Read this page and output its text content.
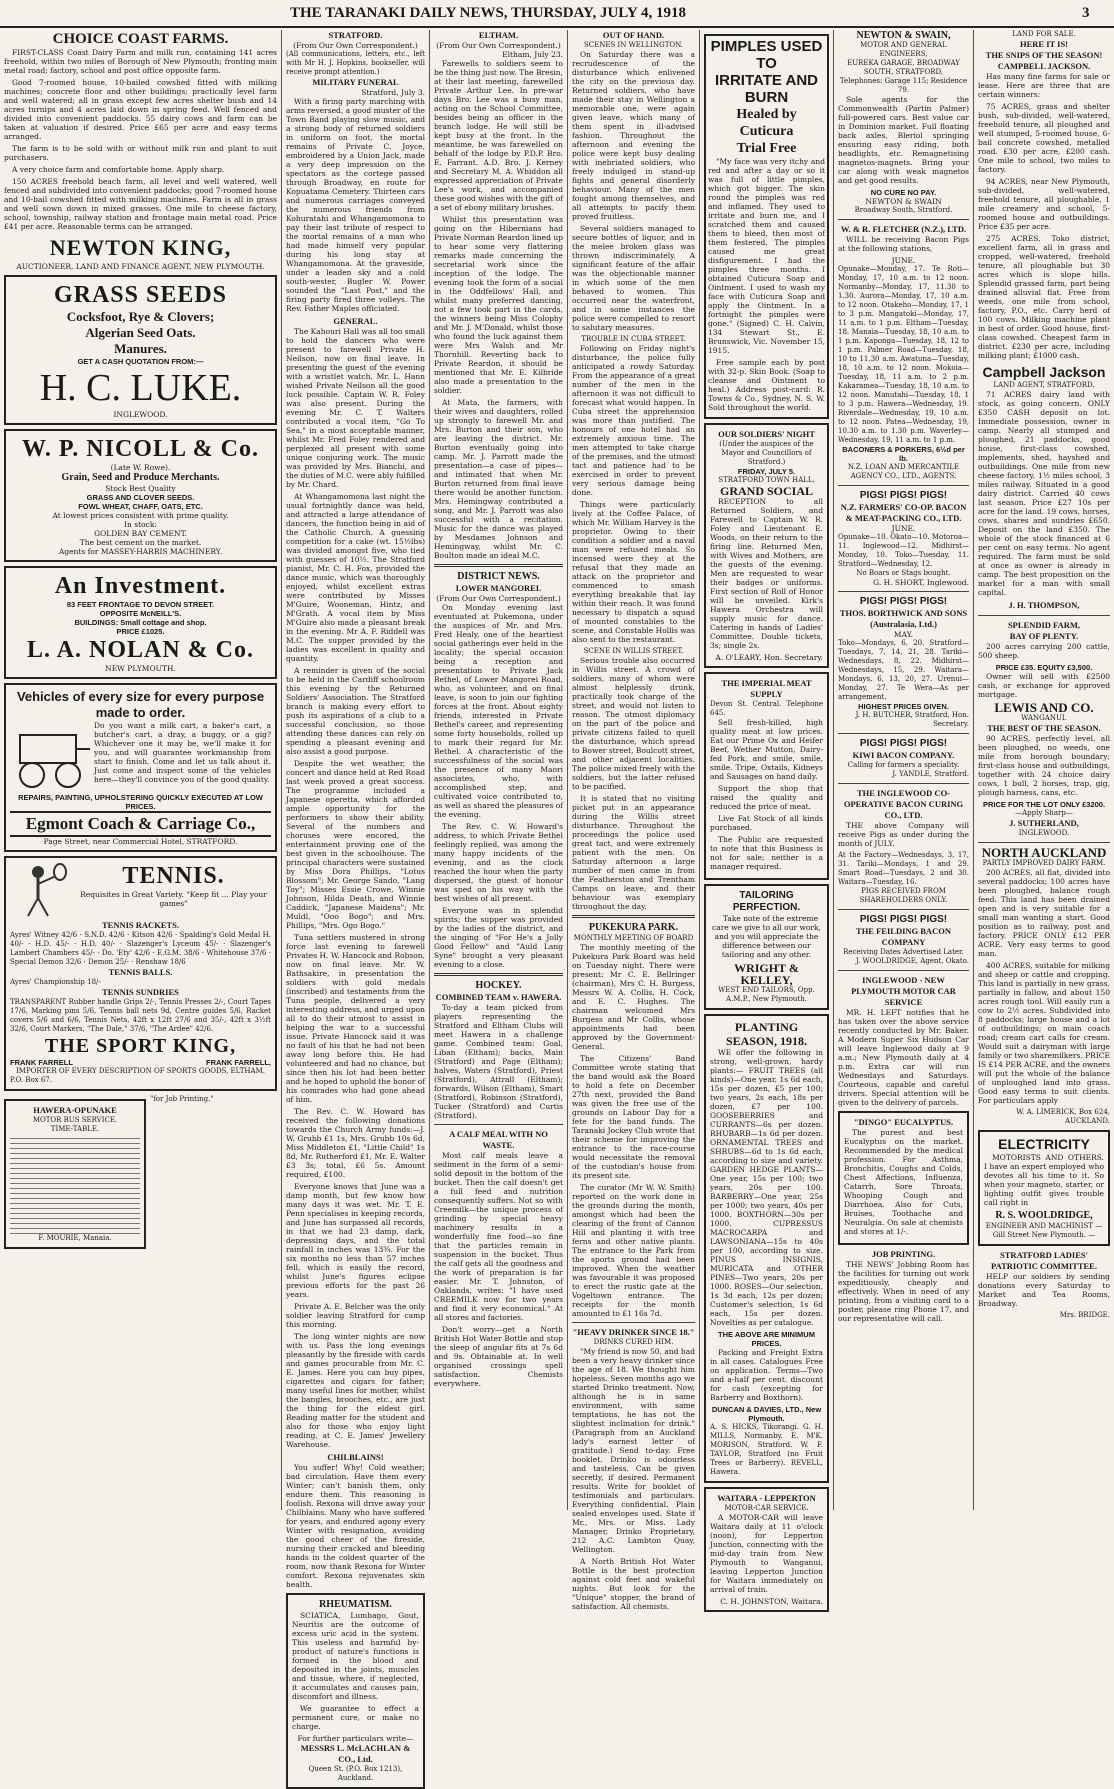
THE TARANAKI DAILY NEWS, THURSDAY, JULY 4, 1918	3
CHOICE COAST FARMS.

FIRST-CLASS Coast Dairy Farm and milk run, containing 141 acres freehold, within two miles of Borough of New Plymouth; fronting main metal road; factory, school and post office opposite farm.

Good 7-roomed house, 10-bailed cowshed fitted with milking machines; concrete floor and other buildings; practically level farm and well watered; all in grass except few acres shelter bush and 14 acres turnips and 4 acres laid down in spring feed. Well fenced and divided into convenient paddocks. 55 dairy cows and farm can be taken at valuation if desired. Price £65 per acre and easy terms arranged.

The farm is to be sold with or without milk run and plant to suit purchasers.

A very choice farm and comfortable home. Apply sharp.

150 ACRES freehold beach farm, all level and well watered, well fenced and subdivided into convenient paddocks; good 7-roomed house and 10-bail cowshed fitted with milking machines. Farm is all in grass and well sown down in mixed grasses. One mile to cheese factory, school, township, railway station and frontage main metal road. Price £41 per acre. Reasonable terms can be arranged.

NEWTON KING,
AUCTIONEER, LAND AND FINANCE AGENT, NEW PLYMOUTH.
GRASS SEEDS
Cocksfoot, Rye & Clovers;
Algerian Seed Oats.
Manures.
GET A CASH QUOTATION FROM:—
H. C. LUKE.
INGLEWOOD.
W. P. NICOLL & Co.
(Late W. Rowe).
Grain, Seed and Produce Merchants.
Stock Best Quality
GRASS AND CLOVER SEEDS.
FOWL WHEAT, CHAFF, OATS, ETC.
At lowest prices consistent with prime quality.
In stock:
GOLDEN BAY CEMENT.
The best cement on the market.
Agents for MASSEY-HARRIS MACHINERY.
An Investment.
83 FEET FRONTAGE TO DEVON STREET.
OPPOSITE McNEILL'S.
BUILDINGS: Small cottage and shop.
PRICE £1025.
L. A. NOLAN & Co.
NEW PLYMOUTH.
Vehicles of every size for every purpose made to order.
Do you want a milk cart, a baker's cart, a butcher's cart, a dray, a buggy, or a gig? Whichever one it may be, we'll make it for you, and will guarantee workmanship from start to finish. Come and let us talk about it. Just come and inspect some of the vehicles here—they'll convince you of the good quality.
REPAIRS, PAINTING, UPHOLSTERING QUICKLY EXECUTED AT LOW PRICES.
Egmont Coach & Carriage Co.,
Page Street, near Commercial Hotel, STRATFORD.
TENNIS.
Requisites in Great Variety. "Keep fit ... Play your games"
TENNIS RACKETS.
Ayres' Witney 42/6 · S.N.D. 42/6 · Kitson 42/6 · Spalding's Gold Medal H. 40/- · H.D. 45/- · H.D. 40/- · Slazenger's Lyceum 45/- · Slazenger's Lambert Chambers 45/- · Do. 'Ety' 42/6 · E.G.M. 38/6 · Whitehouse 37/6 · Special Demon 32/6 · Demon 25/- · Renshaw 18/6
TENNIS BALLS.
Ayres' Championship 18/-
TENNIS SUNDRIES
TRANSPARENT Rubber handle Grips 2/-, Tennis Presses 2/-, Court Tapes 17/6, Marking pins 5/6, Tennis ball nets 9d, Centre guides 5/6, Racket covers 5/6 and 6/6, Tennis Nets, 42ft x 12ft 27/6 and 35/-, 42ft x 3½ft 32/6, Court Markers, "The Dale," 37/6, "The Ardee" 42/6.
THE SPORT KING,
FRANK FARRELL	FRANK FARRELL,
IMPORTER OF EVERY DESCRIPTION OF SPORTS GOODS, ELTHAM.
P.O. Box 67.
HAWERA-OPUNAKE
MOTOR BUS SERVICE.
TIME-TABLE.
F. MOURIE, Manaia.
"for Job Printing."
STRATFORD.
(From Our Own Correspondent.)
(All communications, letters, etc., left with Mr H. J. Hopkins, bookseller, will receive prompt attention.)
MILITARY FUNERAL
Stratford, July 3.

With a firing party marching with arms reversed, a good muster of the Town Band playing slow music, and a strong body of returned soldiers in uniform on foot, the mortal remains of Private C. Joyce, embroidered by a Union Jack, made a very deep impression on the spectators as the cortege passed through Broadway, en route for Kopuatama Cemetery. Thirteen cars and numerous carriages conveyed the numerous friends from Kohuratahi and Whangamomona to pay their last tribute of respect to the mortal remains of a man who had made himself very popular during his long stay at Whangamomona. At the graveside, under a leaden sky and a cold south-wester, Bugler W. Power sounded the "Last Post," and the firing party fired three volleys. The Rev. Father Maples officiated.

GENERAL.

The Kahouri Hall was all too small to hold the dancers who were present to farewell Private H. Neilson, now on final leave. In presenting the guest of the evening with a wristlet watch, Mr. L. Hann wished Private Neilson all the good luck possible. Captain W. R. Foley was also present. During the evening Mr. C. T. Walters contributed a vocal item, "Go To Sea," in a most acceptable manner, whilst Mr. Fred Foley rendered and perplexed all present with some unique conjuring work. The music was provided by Mrs. Bianchi, and the duties of M.C. were ably fulfilled by Mr. Chard.

At Whangamomona last night the usual fortnightly dance was held, and attracted a large attendance of dancers, the function being in aid of the Catholic Church. A guessing competition for a cake (wt. 15½lbs) was divided amongst five, who tied with guesses of 10½. The Stratford pianist, Mr. C. H. Fox, provided the dance music, which was thoroughly enjoyed, whilst excellent extras were contributed by Misses M'Guire, Wooneman, Hintz, and M'Grath. A vocal item by Miss M'Guire also made a pleasant break in the evening. Mr A. F. Riddell was M.C. The supper provided by the ladies was excellent in quality and quantity.

A reminder is given of the social to be held in the Cardiff schoolroom this evening by the Returned Soldiers' Association. The Stratford branch is making every effort to push its aspirations of a club to a successful conclusion, so those attending these dances can rely on spending a pleasant evening and also assist a good purpose.

Despite the wet weather, the concert and dance held at Red Road last week proved a great success. The programme included a Japanese operetta, which afforded ample opportunity for the performers to show their ability. Several of the numbers and choruses were encored, the entertainment proving one of the best given in the schoolhouse. The principal characters were sustained by Miss Dora Phillips, "Lotus Blossom"; Mr. George Sando, "Lang Toy"; Misses Essie Crowe, Winnie Johnson, Hilda Death, and Winnie Caddick, "Japanese Maidens"; Mr. Muldl, "Ooo Bogo"; and Mrs. Phillips, "Mrs. Ogo Bogo."

Tuna settlers mustered in strong force last evening to farewell Privates H. W. Hancock and Robson, now on final leave. Mr. W. Bathsakire, in presentation the soldiers with gold medals (inscribed) and testaments from the Tuna people, delivered a very interesting address, and urged upon all to do their utmost to assist in helping the war to a successful issue. Private Hancock said it was no fault of his that he had not been away long before this. He had volunteered and had no chance, but since then his lot had been better and he hoped to uphold the honor of his comrades who had gone ahead of him.

The Rev. C. W. Howard has received the following donations towards the Church Army funds:—J. W. Grubb £1 1s, Mrs. Grubb 10s 6d, Miss Middleton £1, "Little Child" 1s 8d, Mr. Rutherford £1, Mr. E. Walter £3 3s; total, £6 5s. Amount required, £100.

Everyone knows that June was a damp month, but few know how many days it was wet. Mr. T. E. Penn specialises in keeping records, and June has surpassed all records, in that we had 23 damp, dark, depressing days, and the total rainfall in inches was 13¾. For the six months no less than 57 inches fell, which is easily the record, whilst June's figures eclipse previous efforts for the past 26 years.

Private A. E. Belcher was the only soldier leaving Stratford for camp this morning.

The long winter nights are now with us. Pass the long evenings pleasantly by the fireside with cards and games procurable from Mr. C. E. James. Here you can buy pipes, cigarettes and cigars for father; many useful lines for mother, whilst the bangles, brooches, etc., are just the thing for the eldest girl. Reading matter for the student and also for those who enjoy light reading, at C. E. James' Jewellery Warehouse.

CHILBLAINS!

You suffer! Why! Cold weather; bad circulation. Have them every Winter; can't banish them, only endure them. This reasoning is foolish. Rexona will drive away your Chilblains. Many who have suffered for years, and endured agony every Winter with resignation, avoiding the good cheer of the fireside, nursing their cracked and bleeding hands in the coldest quarter of the room, now thank Rexona for Winter comfort. Rexona rejuvenates skin health.

RHEUMATISM.

SCIATICA, Lumbago, Gout, Neuritis are the outcome of excess uric acid in the system. This useless and harmful by-product of nature's functions is formed in the blood and deposited in the joints, muscles and tissue, where, if neglected, it accumulates and causes pain, discomfort and illness.

We guarantee to effect a permanent cure, or make no charge.

For further particulars write—
MESSRS L. McLACHLAN & CO., Ltd.
Queen St. (P.O. Box 1213), Auckland.
ELTHAM.
(From Our Own Correspondent.)
Eltham, July 23.

Farewells to soldiers seem to be the thing just now. The Bresin, at their last meeting, farewelled Private Arthur Lee. In pre-war days Bro. Lee was a busy man, acting on the School Committee, besides being an officer in the branch lodge. He will still be kept busy at the front. In the meantime, he was farewelled on behalf of the lodge by P.D.P. Bro. E. Farrant. A.D. Bro. J. Kerney and Secretary M. A. Whiddon all expressed appreciation of Private Lee's work, and accompanied these good wishes with the gift of a set of ebony military brushes.

Whilst this presentation was going on the Hibernians had Private Norman Reardon lined up to hear some very flattering remarks made concerning the secretarial work since the inception of the lodge. The evening took the form of a social in the Oddfellows' Hall, and whilst many preferred dancing, not a few took part in the cards, the winners being Miss Colophy and Mr. J. M'Donald, whilst those who found the luck against them were Mrs Walsh and Mr Thornhill. Reverting back to Private Reardon, it should be mentioned that Mr. E. Kilbride also made a presentation to the soldier.

At Mata, the farmers, with their wives and daughters, rolled up strongly to farewell Mr. and Mrs. Burton and their son, who are leaving the district. Mr. Burton eventually going into camp. Mr. J. Parrott made the presentation—a case of pipes—and intimated that when Mr. Burton returned from final leave there would be another function. Mrs. Hemingway contributed a song, and Mr. J. Parrott was also successful with a recitation. Music for the dance was played by Mesdames Johnson and Hemingway, whilst Mr. C. Boulton made an ideal M.C.

DISTRICT NEWS.
LOWER MANGOREI.
(From Our Own Correspondent.)

On Monday evening last eventuated at Pukemona, under the auspices of Mr. and Mrs. Fred Healy, one of the heartiest social gatherings ever held in the locality; the special occasion being a reception and presentation to Private Jack Bethel, of Lower Mangorei Road, who, as volunteer, and on final leave, is soon to join our fighting forces at the front. About eighty friends, interested in Private Bethel's career, and representing some forty households, rolled up to mark their regard for Mr. Bethel. A characteristic of the successfulness of the social was the presence of many Maori associates, who, with accomplished step, and cultivated voice contributed to, as well as shared the pleasures of the evening.

The Rev. C. W. Howard's address, to which Private Bethel feelingly replied, was among the many happy incidents of the evening, and as the clock reached the hour when the party dispersed, the guest of honour was sped on his way with the best wishes of all present.

Everyone was in splendid spirits; the supper was provided by the ladies of the district, and the singing of "For He's a Jolly Good Fellow" and "Auld Lang Syne" brought a very pleasant evening to a close.

HOCKEY.
COMBINED TEAM v. HAWERA.

To-day a team picked from players representing the Stratford and Eltham Clubs will meet Hawera in a challenge game. Combined team: Goal, Liban (Eltham); backs, Main (Stratford) and Page (Eltham); halves, Waters (Stratford), Priest (Stratford), Attrall (Eltham); forwards, Wilson (Eltham), Smart (Stratford), Robinson (Stratford), Tucker (Stratford) and Curtis (Stratford).

A CALF MEAL WITH NO WASTE.

Most calf meals leave a sediment in the form of a semi-solid deposit in the bottom of the bucket. Then the calf doesn't get a full feed and nutrition consequently suffers. Not so with Creemilk—the unique process of grinding by special heavy machinery results in a wonderfully fine food—so fine that the particles remain in suspension in the bucket. Thus the calf gets all the goodness and the work of preparation is far easier. Mr. T. Johnston, of Oaklands, writes: "I have used CREEMILK now for two years and find it very economical." At all stores and factories.

Don't worry—get a North British Hot Water Bottle and stop the sleep of angular fits at 7s 6d and 9s. Obtainable at. In well organised crossings spell satisfaction. Chemists everywhere.

OUT OF HAND.
SCENES IN WELLINGTON.

On Saturday there was a recrudescence of the disturbance which enlivened the city on the previous day. Returned soldiers, who have made their stay in Wellington a memorable one, were again given leave, which many of them spent in ill-advised fashion. Throughout the afternoon and evening the police were kept busy dealing with inebriated soldiers, who freely indulged in stand-up fights and general disorderly behaviour. Many of the men fought among themselves, and all attempts to pacify them proved fruitless.

Several soldiers managed to secure bottles of liquor, and in the melee broken glass was thrown indiscriminately. A significant feature of the affair was the objectionable manner in which some of the men behaved to women. This occurred near the waterfront, and in some instances the police were compelled to resort to salutary measures.

TROUBLE IN CUBA STREET.

Following on Friday night's disturbance, the police fully anticipated a rowdy Saturday. From the appearance of a great number of the men in the afternoon it was not difficult to forecast what would happen. In Cuba street the apprehension was more than justified. The honours of one hotel had an extremely anxious time. The men attempted to take charge of the premises, and the utmost tact and patience had to be exercised in order to prevent very serious damage being done.

Things were particularly lively at the Coffee Palace, of which Mr. William Harvey is the proprietor. Owing to their condition a soldier and a naval man were refused meals. So incensed were they at the refusal that they made an attack on the proprietor and commenced to smash everything breakable that lay within their reach. It was found necessary to dispatch a squad of mounted constables to the scene, and Constable Hollis was also sent to the restaurant.

SCENE IN WILLIS STREET.

Serious trouble also occurred in Willis street. A crowd of soldiers, many of whom were almost helplessly drunk, practically took charge of the street, and would not listen to reason. The utmost diplomacy on the part of the police and private citizens failed to quell the disturbance, which spread to Bower street, Boulcott street, and other adjacent localities. The police mixed freely with the soldiers, but the latter refused to be pacified.

It is stated that no visiting picket put in an appearance during the Willis street disturbance. Throughout the proceedings the police used great tact, and were extremely patient with the men. On Saturday afternoon a large number of men came in from the Featherston and Trentham Camps on leave, and their behaviour was exemplary throughout the day.

PUKEKURA PARK.
MONTHLY MEETING OF BOARD

The monthly meeting of the Pukekura Park Board was held on Tuesday night. There were present: Mr C. E. Bellringer (chairman), Mrs C. H. Burgess, Messrs W. A. Collis, H. Cock, and E. C. Hughes. The chairman welcomed Mrs Burgess and Mr Collis, whose appointments had been approved by the Government-General.

The Citizens' Band Committee wrote stating that the band would ask the Board to hold a fete on December 27th next, provided the Band was given the free use of the grounds on Labour Day for a fete for the band funds. The Taranaki Jockey Club wrote that their scheme for improving the entrance to the race-course would necessitate the removal of the custodian's house from its present site.

The curator (Mr W. W. Smith) reported on the work done in the grounds during the month, amongst which had been the clearing of the front of Cannon Hill and planting it with tree ferns and other native plants. The entrance to the Park from the sports ground had been improved. When the weather was favourable it was proposed to erect the rustic gate at the Vogeltown entrance. The receipts for the month amounted to £1 16s 7d.

"HEAVY DRINKER SINCE 18."
DRINKS CURED HIM.

"My friend is now 50, and had been a very heavy drinker since the age of 18. We thought him hopeless. Seven months ago we started Drinko treatment. Now, although he is in same environment, with same temptations, he has not the slightest inclination for drink." (Paragraph from an Auckland lady's earnest letter of gratitude.) Send to-day. Free booklet. Drinko is odourless and tasteless. Can be given secretly, if desired. Permanent results. Write for booklet of testimonials and particulars. Everything confidential. Plain sealed envelopes used. State if Mr., Mrs. or Miss. Lady Manager, Drinko Proprietary, 212 A.C. Lambton Quay, Wellington.

A North British Hot Water Bottle is the best protection against cold feet and wakeful nights. But look for the "Unique" stopper, the brand of satisfaction. All chemists.

PIMPLES USED TO
IRRITATE AND BURN
Healed by Cuticura
Trial Free

"My face was very itchy and red and after a day or so it was full of little pimples, which got bigger. The skin round the pimples was red and inflamed. They used to irritate and burn me, and I scratched them and caused them to bleed, then most of them festered. The pimples caused me great disfigurement. I had the pimples three months. I obtained Cuticura Soap and Ointment. I used to wash my face with Cuticura Soap and apply the Ointment. In a fortnight the pimples were gone." (Signed) C. H. Calvin, 134 Stewart St., E. Brunswick, Vic. November 15, 1915.

Free sample each by post with 32-p. Skin Book. (Soap to cleanse and Ointment to heal.) Address post-card: R. Towns & Co., Sydney, N. S. W. Sold throughout the world.

OUR SOLDIERS' NIGHT
(Under the auspices of the Mayor and Councillors of Stratford.)
FRIDAY, JULY 5.
STRATFORD TOWN HALL.
GRAND SOCIAL

RECEPTION to all Returned Soldiers, and Farewell to Captain W. R. Foley and Lieutenant E. Woods, on their return to the firing line. Returned Men, with Wives and Mothers, are the guests of the evening. Men are requested to wear their badges or uniforms. First section of Roll of Honor will be unveiled. Kirk's Hawera Orchestra will supply music for dance. Catering in hands of Ladies' Committee. Double tickets, 3s; single 2s.

A. O'LEARY, Hon. Secretary.
THE IMPERIAL MEAT SUPPLY
Devon St. Central. Telephone 645.

Sell fresh-killed, high quality meat at low prices. Eat our Prime Ox and Heifer Beef, Wether Mutton, Dairy-fed Pork, and smile, smile, smile. Tripe, Oxtails, Kidneys and Sausages on hand daily.

Support the shop that raised the quality and reduced the price of meat.

Live Fat Stock of all kinds purchased.

The Public are requested to note that this Business is not for sale; neither is a manager required.

TAILORING PERFECTION.

Take note of the extreme care we give to all our work, and you will appreciate the difference between our tailoring and any other.

WRIGHT & KELLEY,
WEST END TAILORS, Opp. A.M.P., New Plymouth.
PLANTING SEASON, 1918.

WE offer the following in strong, well-grown, hardy plants:— FRUIT TREES (all kinds)—One year, 1s 6d each, 15s per dozen, £5 per 100; two years, 2s each, 18s per dozen, £7 per 100. GOOSEBERRIES and CURRANTS—6s per dozen. RHUBARB—1s 6d per dozen. ORNAMENTAL TREES and SHRUBS—6d to 1s 6d each, according to size and variety. GARDEN HEDGE PLANTS—One year, 15s per 100; two years, 20s per 100. BARBERRY—One year, 25s per 1000; two years, 40s per 1000. BOXTHORN—30s per 1000. CUPRESSUS MACROCARPA and LAWSONIANA—15s to 40s per 100, according to size. PINUS INSIGNIS, MURICATA and OTHER PINES—Two years, 20s per 1000. ROSES—Our selection, 1s 3d each, 12s per dozen; Customer's selection, 1s 6d each, 15s per dozen. Novelties as per catalogue.

THE ABOVE ARE MINIMUM PRICES.

Packing and Freight Extra in all cases. Catalogues Free on application. Terms—Two and a-half per cent. discount for cash (excepting for Barberry and Boxthorn).

DUNCAN & DAVIES, LTD., New Plymouth.
A. S. HICKS, Tikorangi. G. H. MILLS, Normanby. E. M'K. MORISON, Stratford. W. F. TAYLOR, Stratford (no Fruit Trees or Barberry). REVELL, Hawera.
WAITARA - LEPPERTON
MOTOR-CAR SERVICE.

A MOTOR-CAR will leave Waitara daily at 11 o'clock (noon), for Lepperton Junction, connecting with the mid-day train from New Plymouth to Wanganui, leaving Lepperton Junction for Waitara immediately on arrival of train.

C. H. JOHNSTON, Waitara.
NEWTON & SWAIN,
MOTOR AND GENERAL ENGINEERS,
EUREKA GARAGE, BROADWAY SOUTH, STRATFORD,
Telephones: Garage 115; Residence 79.

Sole agents for the Commonwealth (Partin Palmer) full-powered cars. Best value car in Dominion market. Full floating back axles, Bleriol springing ensuring easy riding, both headlights, etc. Remagnetising magnetos-magnets. Bring your car along with weak magnetos and get good results.

NO CURE NO PAY.
NEWTON & SWAIN
Broadway South, Stratford.
W. & R. FLETCHER (N.Z.), LTD.

WILL be receiving Bacon Pigs at the following stations,

JUNE.
Opunake—Monday, 17. Te Roti—Monday, 17, 10 a.m. to 12 noon. Normanby—Monday, 17, 11.30 to 1.30. Aurora—Monday, 17, 10 a.m. to 12 noon. Otakeho—Monday, 17, 1 to 3 p.m. Mangatoki—Monday, 17, 11 a.m. to 1 p.m. Eltham—Tuesday, 18. Manaia—Tuesday, 18, 10 a.m. to 1 p.m. Kaponga—Tuesday, 18, 12 to 1 p.m. Palmer Road—Tuesday, 18, 10 to 11.30 a.m. Awatuna—Tuesday, 18, 10 a.m. to 12 noon. Mokoia—Tuesday, 18, 11 a.m. to 2 p.m. Kakaramea—Tuesday, 18, 10 a.m. to 12 noon. Manutahi—Tuesday, 18, 1 to 3 p.m. Hawera—Wednesday, 19. Riverdale—Wednesday, 19, 10 a.m. to 12 noon. Patea—Wednesday, 19, 10.30 a.m. to 1.30 p.m. Waverley—Wednesday, 19, 11 a.m. to 1 p.m.
BACONERS & PORKERS, 6½d per lb.
N.Z. LOAN AND MERCANTILE AGENCY CO., LTD., AGENTS.
PIGS! PIGS! PIGS!
N.Z. FARMERS' CO-OP. BACON & MEAT-PACKING CO., LTD.
JUNE.
Opunake—10. Okato—10. Motoroa—11. Inglewood—12. Midhirst—Monday, 10. Toko—Tuesday, 11. Stratford—Wednesday, 12.
No Boars or Stags bought.
G. H. SHORT, Inglewood.
PIGS! PIGS! PIGS!
THOS. BORTHWICK AND SONS (Australasia, Ltd.)
MAY.
Toko—Mondays, 6, 20. Stratford—Tuesdays, 7, 14, 21, 28. Tariki—Wednesdays, 8, 22. Midhirst—Wednesdays, 15, 29. Waitara—Mondays, 6, 13, 20, 27. Urenui—Monday, 27. Te Wera—As per arrangement.
HIGHEST PRICES GIVEN.
J. H. BUTCHER, Stratford, Hon. Secretary.
PIGS! PIGS! PIGS!
KIWI BACON COMPANY.
Calling for farmers a speciality.
J. YANDLE, Stratford.
THE INGLEWOOD CO-OPERATIVE BACON CURING CO., LTD.

THE above Company will receive Pigs as under during the month of JULY.

At the Factory—Wednesdays, 3, 17, 31. Tariki—Mondays, 1 and 29. Smart Road—Tuesdays, 2 and 30. Waitara—Tuesday, 16.
PIGS RECEIVED FROM SHAREHOLDERS ONLY.
PIGS! PIGS! PIGS!
THE FEILDING BACON COMPANY
Receiving Dates Advertised Later.
J. WOOLDRIDGE, Agent, Okato.
INGLEWOOD - NEW PLYMOUTH MOTOR CAR SERVICE

MR. H. LEFT notifies that he has taken over the above service recently conducted by Mr. Baker. A Modern Super Six Hudson Car will leave Inglewood daily at 9 a.m.; New Plymouth daily at 4 p.m. Extra car will run Wednesdays and Saturdays. Courteous, capable and careful drivers. Special attention will be given to the delivery of parcels.

"DINGO" EUCALYPTUS.

The purest and best Eucalyptus on the market. Recommended by the medical profession. For Asthma, Bronchitis, Coughs and Colds, Chest Affections, Influenza, Catarrh, Sore Throats, Whooping Cough and Diarrhoea. Also for Cuts, Bruises, Toothache and Neuralgia. On sale at chemists and stores at 1/-.

JOB PRINTING.

THE NEWS' Jobbing Room has the facilities for turning out work expeditiously, cheaply and effectively. When in need of any printing, from a visiting card to a poster, please ring Phone 17, and our representative will call.

LAND FOR SALE.
HERE IT IS!
THE SNIPS OF THE SEASON!
CAMPBELL JACKSON.

Has many fine farms for sale or lease. Here are three that are certain winners:

75 ACRES, grass and shelter bush, sub-divided, well-watered, freehold tenure, all ploughed and well stumped, 5-roomed house, 6-bail concrete cowshed, metalled road. £30 per acre, £200 cash. One mile to school, two miles to factory.

94 ACRES, near New Plymouth, sub-divided, well-watered, freehold tenure, all ploughable, 1 mile creamery and school, 5-roomed house and outbuildings. Price £35 per acre.

275 ACRES, Toko district, excellent farm, all in grass and cropped, well-watered, freehold tenure, all ploughable but 30 acres which is slope hills. Splendid grassed farm, part being drained alluvial flat. Free from weeds, one mile from school, factory, P.O., etc. Carry herd of 100 cows. Milking machine plant in best of order. Good house, first-class cowshed. Cheapest farm in district. £230 per acre, including milking plant; £1000 cash.

Campbell Jackson
LAND AGENT, STRATFORD.

71 ACRES dairy land with stock, as going concern. ONLY £350 CASH deposit on lot. Immediate possession, owner in camp. Nearly all stumped and ploughed, 21 paddocks, good house, first-class cowshed, implements, shed, hayshed and outbuildings. One mile from new cheese factory, 1½ miles school, 3 miles railway. Situated in a good dairy district. Carried 40 cows last season. Price £27 10s per acre for the land. 19 cows, horses, cows, shares and sundries £650. Deposit on the land £350. The whole of the stock financed at 6 per cent on easy terms. No agent required. The farm must be sold at once as owner is already in camp. The best proposition on the market for a man with small capital.

J. H. THOMPSON,
SPLENDID FARM,
BAY OF PLENTY.

200 acres carrying 200 cattle, 500 sheep.

PRICE £35. EQUITY £3,500.

Owner will sell with £2500 cash, or exchange for approved mortgage.

LEWIS AND CO.
WANGANUI.
THE BEST OF THE SEASON.

90 ACRES, perfectly level, all been ploughed, no weeds, one mile from borough boundary; first-class house and outbuildings, together with 24 choice dairy cows, 1 bull, 2 horses, trap, gig, plough harness, cans, etc.

PRICE FOR THE LOT ONLY £3200.
—Apply Sharp—
J. SUTHERLAND,
INGLEWOOD.
NORTH AUCKLAND
PARTLY IMPROVED DAIRY FARM.

200 ACRES, all flat, divided into several paddocks; 100 acres have been ploughed, balance rough feed. This land has been drained open and is very suitable for a small man wanting a start. Good position as to railway, post and factory. PRICE ONLY £12 PER ACRE. Very easy terms to good man.

400 ACRES, suitable for milking and sheep or cattle and cropping. This land is partially in new grass, partially in fallow, and about 150 acres rough tool. Will easily run a cow to 2½ acres. Subdivided into 8 paddocks; large house and a lot of outbuildings; on main coach road; cream cart calls for cream. Would suit a dairyman with large family or two sharemilkers. PRICE IS £14 PER ACRE, and the owners will put the whole of the balance of unploughed land into grass. Good easy terms to suit clients. For particulars apply

W. A. LIMERICK, Box 624, AUCKLAND.
ELECTRICITY

MOTORISTS AND OTHERS. I have an expert employed who devotes all his time to it. So when your magneto, starter, or lighting outfit gives trouble call right in

R. S. WOOLDRIDGE,
ENGINEER AND MACHINIST — Gill Street New Plymouth. —
STRATFORD LADIES' PATRIOTIC COMMITTEE.

HELP our soldiers by sending donations every Saturday to Market and Tea Rooms, Broadway.

Mrs. BRIDGE.
